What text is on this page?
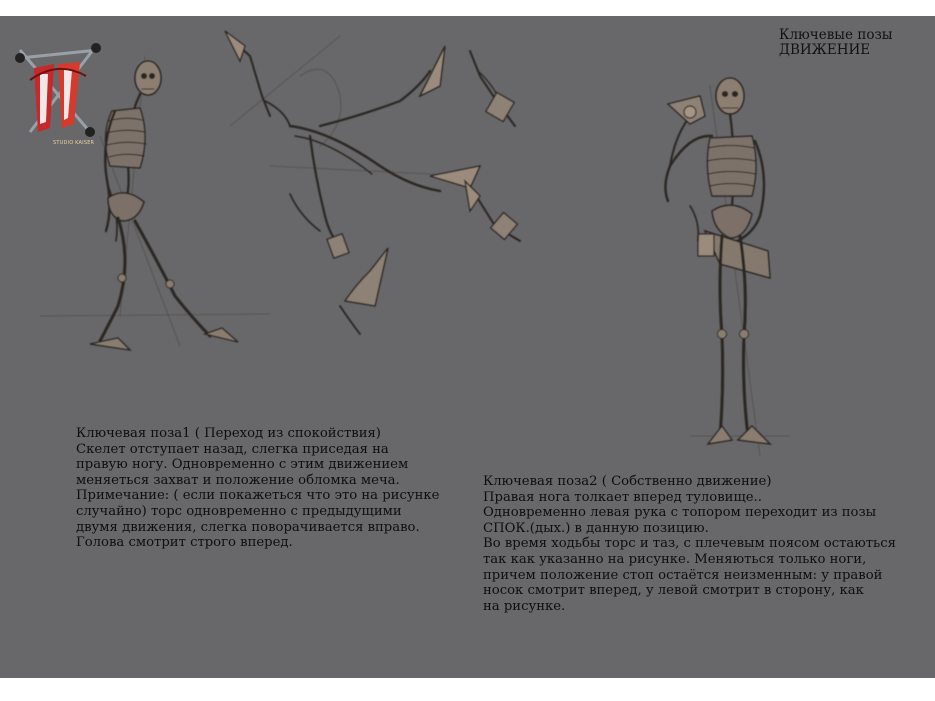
STUDIO KAISER
Ключевые позы
ДВИЖЕНИЕ
Ключевая поза1 ( Переход из спокойствия)
Скелет отступает назад, слегка приседая на
правую ногу. Одновременно с этим движением
меняеться захват и положение обломка меча.
Примечание: ( если покажеться что это на рисунке
случайно) торс одновременно с предыдущими
двумя движения, слегка поворачивается вправо.
Голова смотрит строго вперед.
Ключевая поза2 ( Собственно движение)
Правая нога толкает вперед туловище..
Одновременно левая рука с топором переходит из позы
СПОК.(дых.) в данную позицию.
Во время ходьбы торс и таз, с плечевым поясом остаються
так как указанно на рисунке. Меняються только ноги,
причем положение стоп остаётся неизменным: у правой
носок смотрит вперед, у левой смотрит в сторону, как
на рисунке.
